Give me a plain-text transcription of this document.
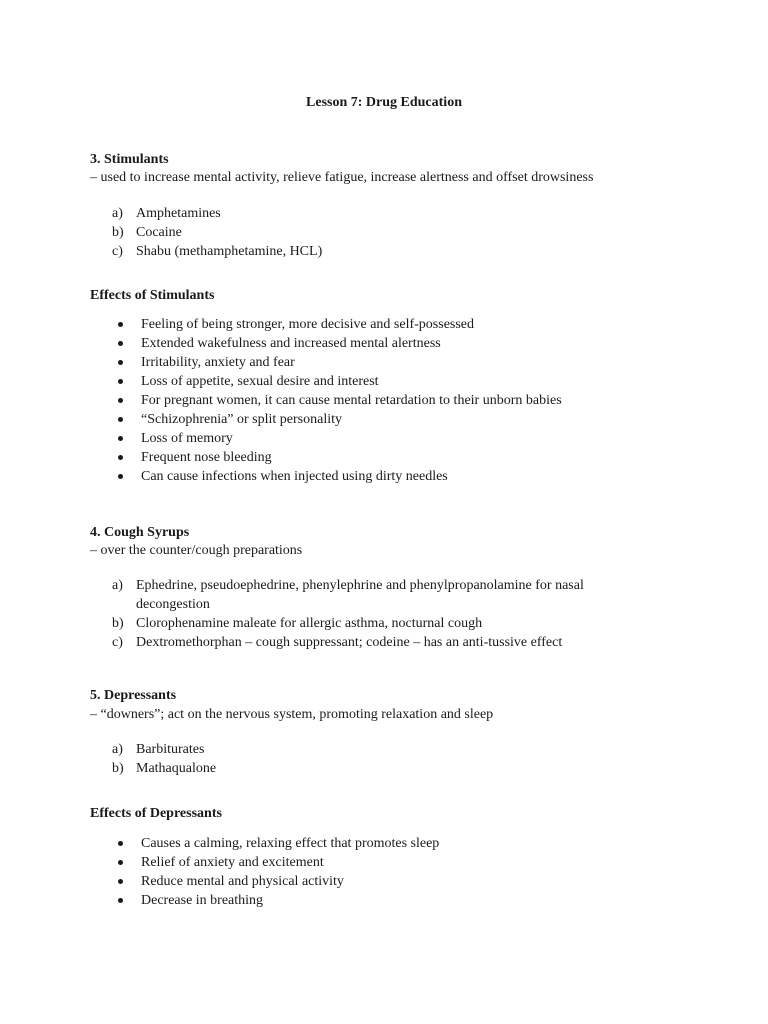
Lesson 7: Drug Education
3. Stimulants
– used to increase mental activity, relieve fatigue, increase alertness and offset drowsiness
a) Amphetamines
b) Cocaine
c) Shabu (methamphetamine, HCL)
Effects of Stimulants
Feeling of being stronger, more decisive and self-possessed
Extended wakefulness and increased mental alertness
Irritability, anxiety and fear
Loss of appetite, sexual desire and interest
For pregnant women, it can cause mental retardation to their unborn babies
“Schizophrenia” or split personality
Loss of memory
Frequent nose bleeding
Can cause infections when injected using dirty needles
4. Cough Syrups
– over the counter/cough preparations
a) Ephedrine, pseudoephedrine, phenylephrine and phenylpropanolamine for nasal
decongestion
b) Clorophenamine maleate for allergic asthma, nocturnal cough
c) Dextromethorphan – cough suppressant; codeine – has an anti-tussive effect
5. Depressants
– “downers”; act on the nervous system, promoting relaxation and sleep
a) Barbiturates
b) Mathaqualone
Effects of Depressants
Causes a calming, relaxing effect that promotes sleep
Relief of anxiety and excitement
Reduce mental and physical activity
Decrease in breathing
